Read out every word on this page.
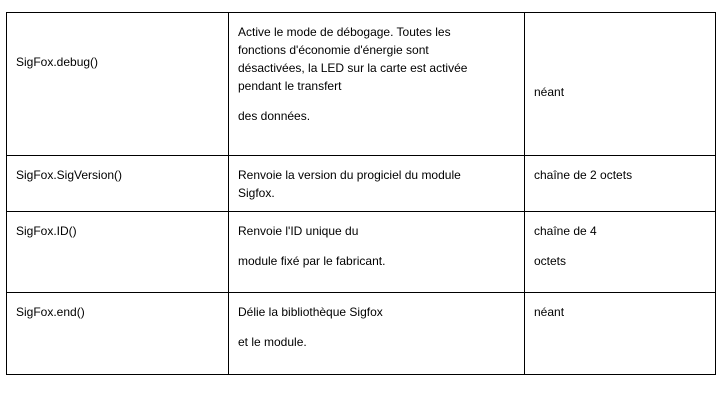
SigFox.debug()	Active le mode de débogage. Toutes les
fonctions d'économie d'énergie sont
désactivées, la LED sur la carte est activée
pendant le transfert
des données.	néant

SigFox.SigVersion()	Renvoie la version du progiciel du module
Sigfox.	chaîne de 2 octets

SigFox.ID()	Renvoie l'ID unique du
module fixé par le fabricant.	chaîne de 4
octets

SigFox.end()	Délie la bibliothèque Sigfox
et le module.	néant
